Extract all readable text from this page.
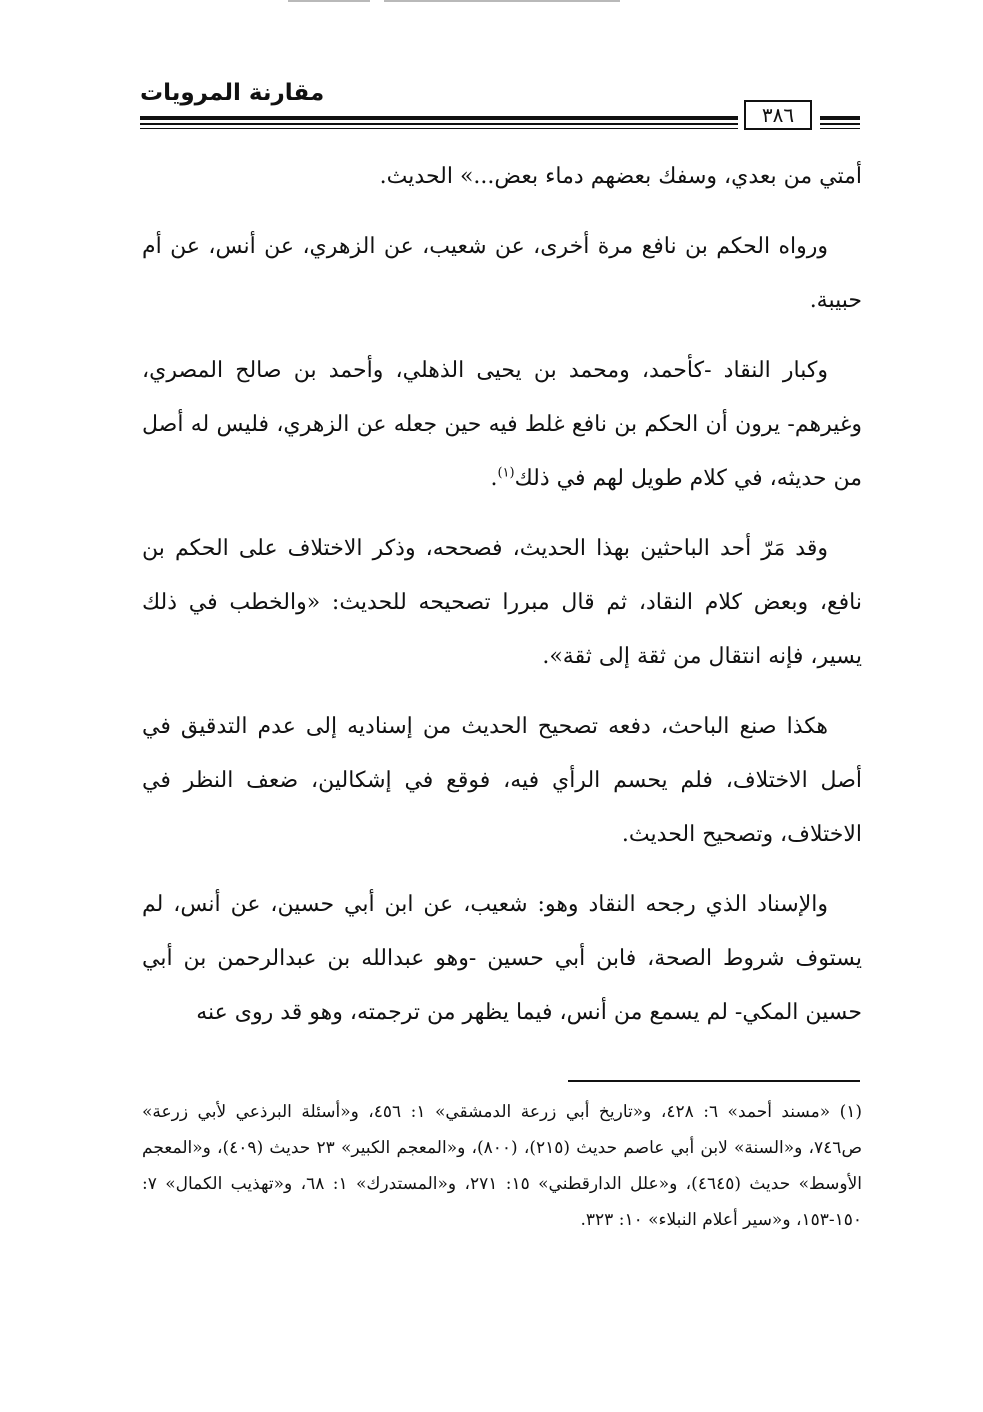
مقارنة المرويات
٣٨٦

أمتي من بعدي، وسفك بعضهم دماء بعض...» الحديث.

ورواه الحكم بن نافع مرة أخرى، عن شعيب، عن الزهري، عن أنس، عن أم حبيبة.

وكبار النقاد -كأحمد، ومحمد بن يحيى الذهلي، وأحمد بن صالح المصري، وغيرهم- يرون أن الحكم بن نافع غلط فيه حين جعله عن الزهري، فليس له أصل من حديثه، في كلام طويل لهم في ذلك$^{(١)}$.

وقد مَرّ أحد الباحثين بهذا الحديث، فصححه، وذكر الاختلاف على الحكم بن نافع، وبعض كلام النقاد، ثم قال مبررا تصحيحه للحديث: «والخطب في ذلك يسير، فإنه انتقال من ثقة إلى ثقة».

هكذا صنع الباحث، دفعه تصحيح الحديث من إسناديه إلى عدم التدقيق في أصل الاختلاف، فلم يحسم الرأي فيه، فوقع في إشكالين، ضعف النظر في الاختلاف، وتصحيح الحديث.

والإسناد الذي رجحه النقاد وهو: شعيب، عن ابن أبي حسين، عن أنس، لم يستوف شروط الصحة، فابن أبي حسين -وهو عبدالله بن عبدالرحمن بن أبي حسين المكي- لم يسمع من أنس، فيما يظهر من ترجمته، وهو قد روى عنه

(١) «مسند أحمد» ٦: ٤٢٨، و«تاريخ أبي زرعة الدمشقي» ١: ٤٥٦، و«أسئلة البرذعي لأبي زرعة» ص٧٤٦، و«السنة» لابن أبي عاصم حديث (٢١٥)، (٨٠٠)، و«المعجم الكبير» ٢٣ حديث (٤٠٩)، و«المعجم الأوسط» حديث (٤٦٤٥)، و«علل الدارقطني» ١٥: ٢٧١، و«المستدرك» ١: ٦٨، و«تهذيب الكمال» ٧: ١٥٠-١٥٣، و«سير أعلام النبلاء» ١٠: ٣٢٣.
